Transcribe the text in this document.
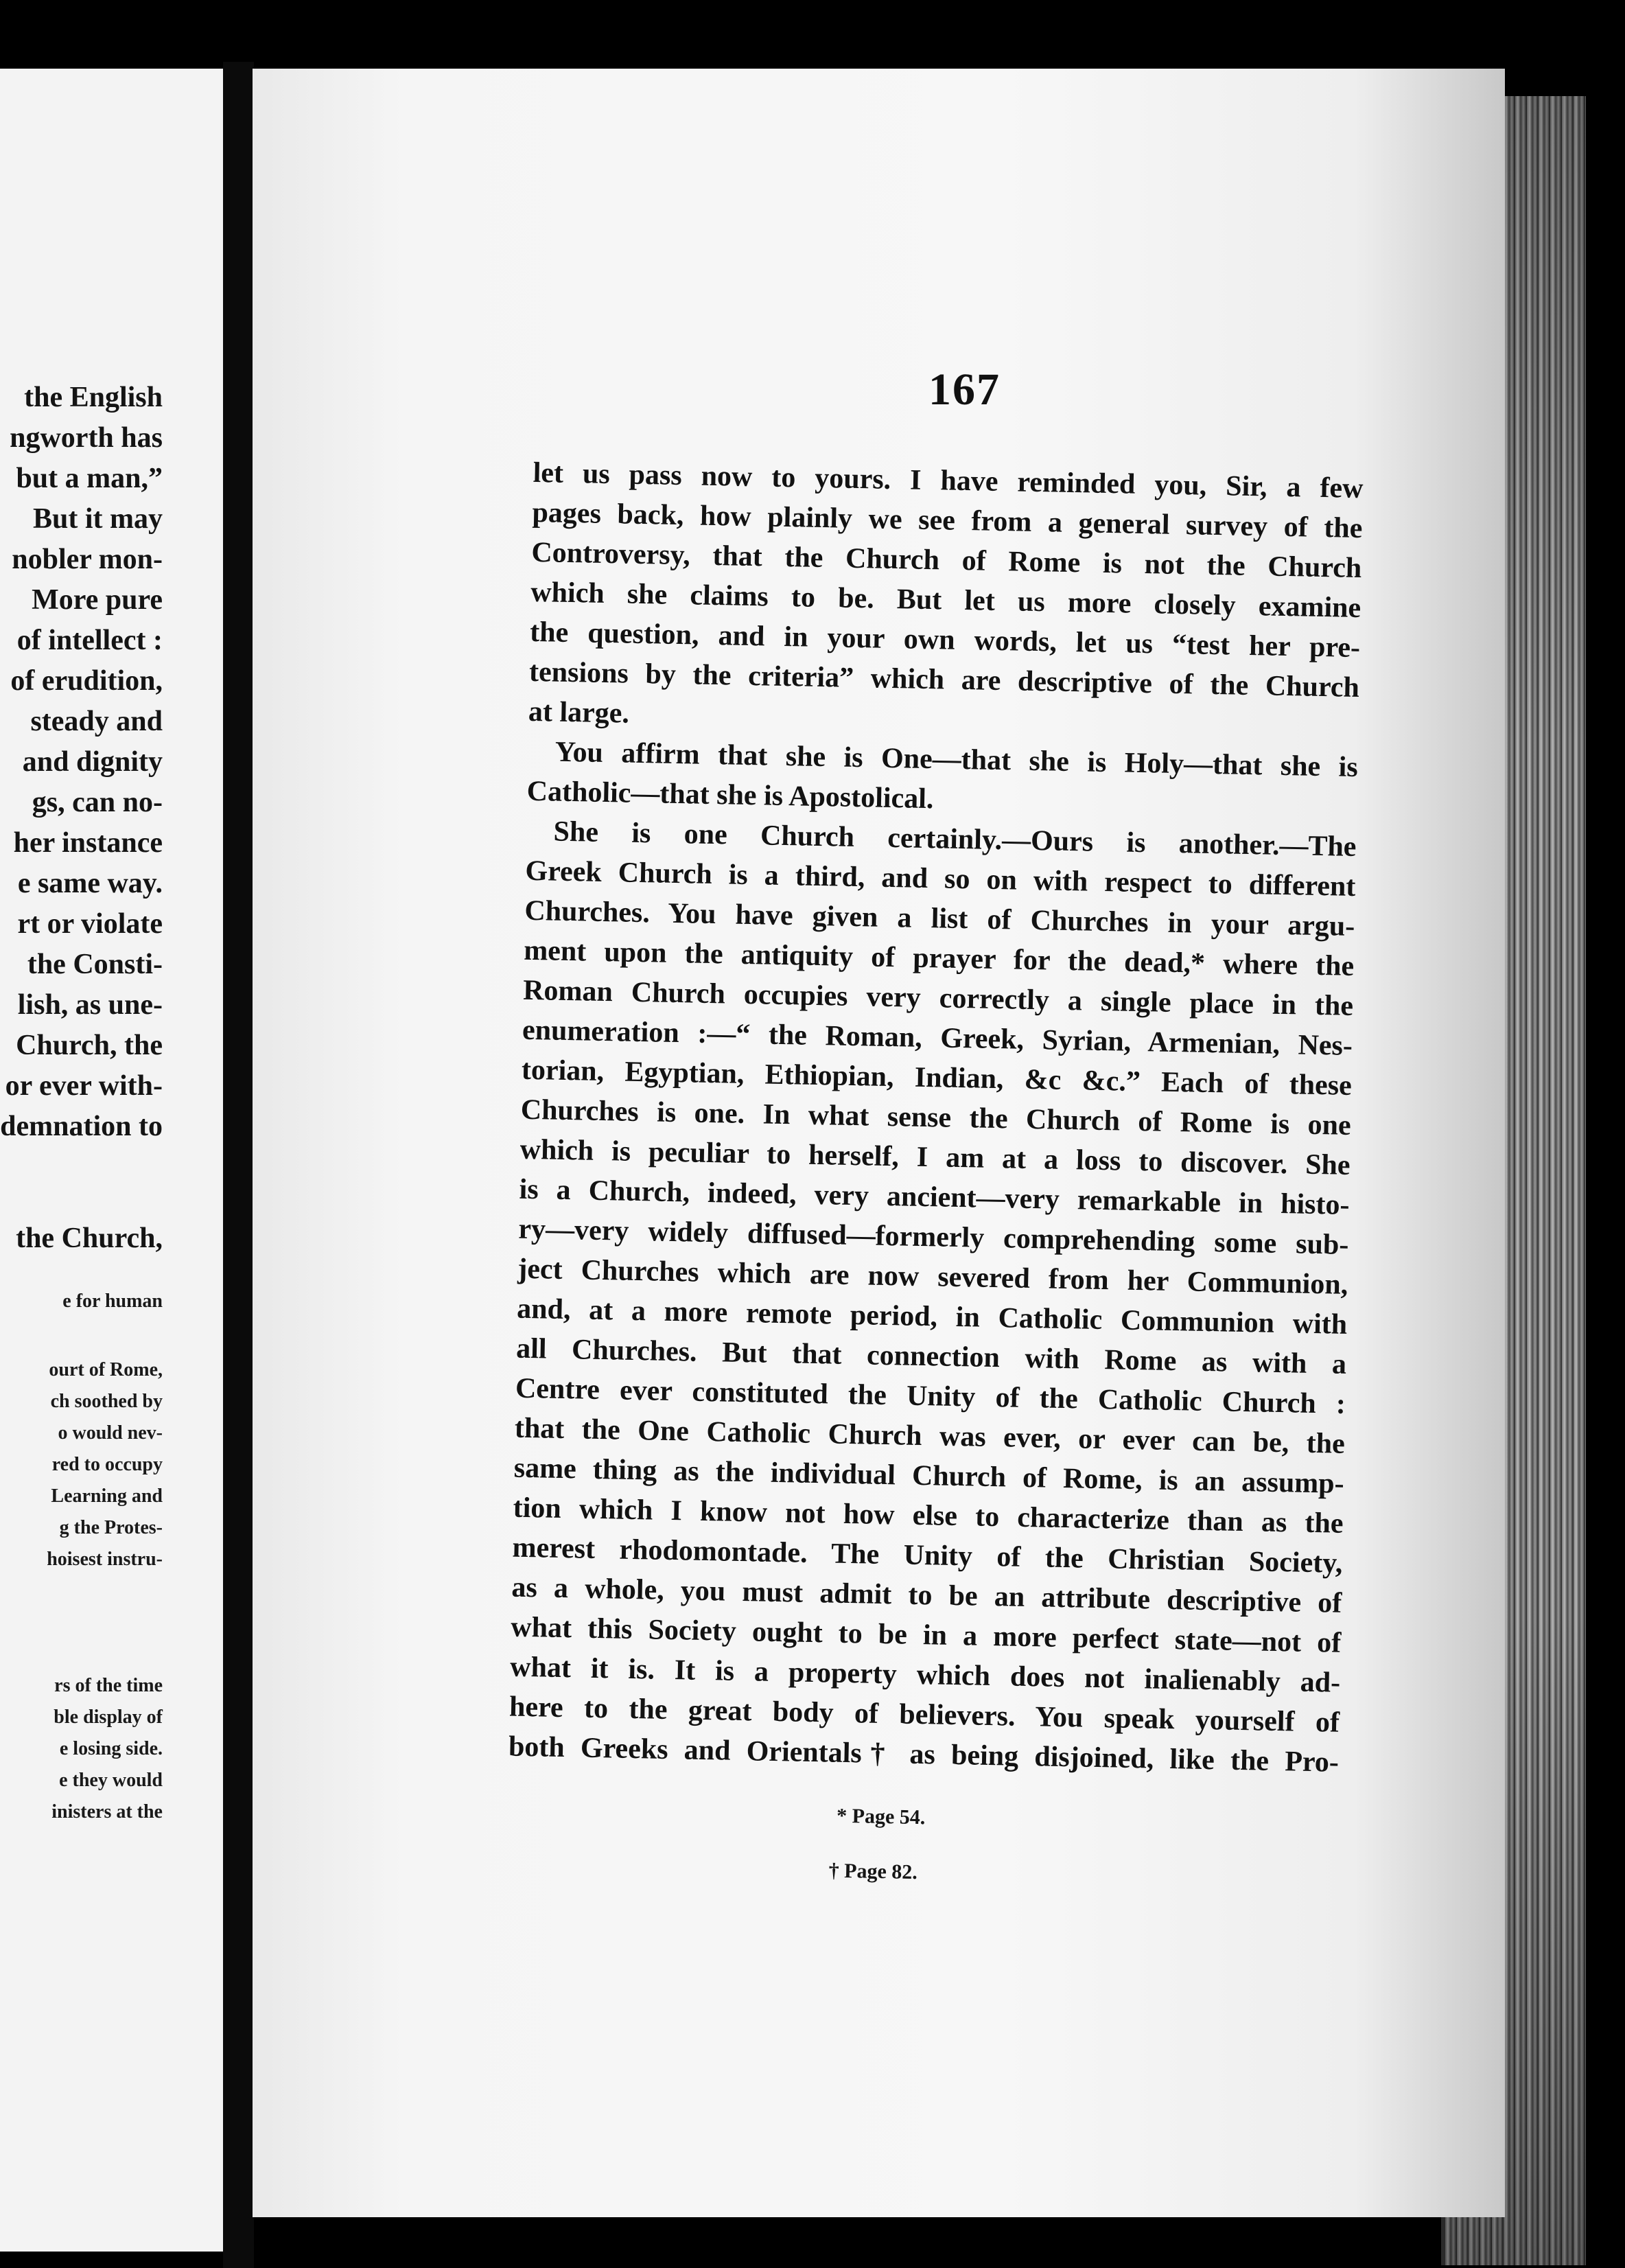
the English
ngworth has
but a man,”
But it may
nobler mon-
More pure
of intellect :
of erudition,
steady and
and dignity
gs, can no-
her instance
e same way.
rt or violate
the Consti-
lish, as une-
Church, the
or ever with-
demnation to
the Church,
e for human
ourt of Rome,
ch soothed by
o would nev-
red to occupy
Learning and
g the Protes-
hoisest instru-
rs of the time
ble display of
e losing side.
e they would
inisters at the
167
let us pass now to yours. I have reminded you, Sir, a few
pages back, how plainly we see from a general survey of the
Controversy, that the Church of Rome is not the Church
which she claims to be. But let us more closely examine
the question, and in your own words, let us “test her pre-
tensions by the criteria” which are descriptive of the Church
at large.
You affirm that she is One—that she is Holy—that she is
Catholic—that she is Apostolical.
She is one Church certainly.—Ours is another.—The
Greek Church is a third, and so on with respect to different
Churches. You have given a list of Churches in your argu-
ment upon the antiquity of prayer for the dead,* where the
Roman Church occupies very correctly a single place in the
enumeration :—“ the Roman, Greek, Syrian, Armenian, Nes-
torian, Egyptian, Ethiopian, Indian, &c &c.” Each of these
Churches is one. In what sense the Church of Rome is one
which is peculiar to herself, I am at a loss to discover. She
is a Church, indeed, very ancient—very remarkable in histo-
ry—very widely diffused—formerly comprehending some sub-
ject Churches which are now severed from her Communion,
and, at a more remote period, in Catholic Communion with
all Churches. But that connection with Rome as with a
Centre ever constituted the Unity of the Catholic Church :
that the One Catholic Church was ever, or ever can be, the
same thing as the individual Church of Rome, is an assump-
tion which I know not how else to characterize than as the
merest rhodomontade. The Unity of the Christian Society,
as a whole, you must admit to be an attribute descriptive of
what this Society ought to be in a more perfect state—not of
what it is. It is a property which does not inalienably ad-
here to the great body of believers. You speak yourself of
both Greeks and Orientals† as being disjoined, like the Pro-
* Page 54.
† Page 82.
